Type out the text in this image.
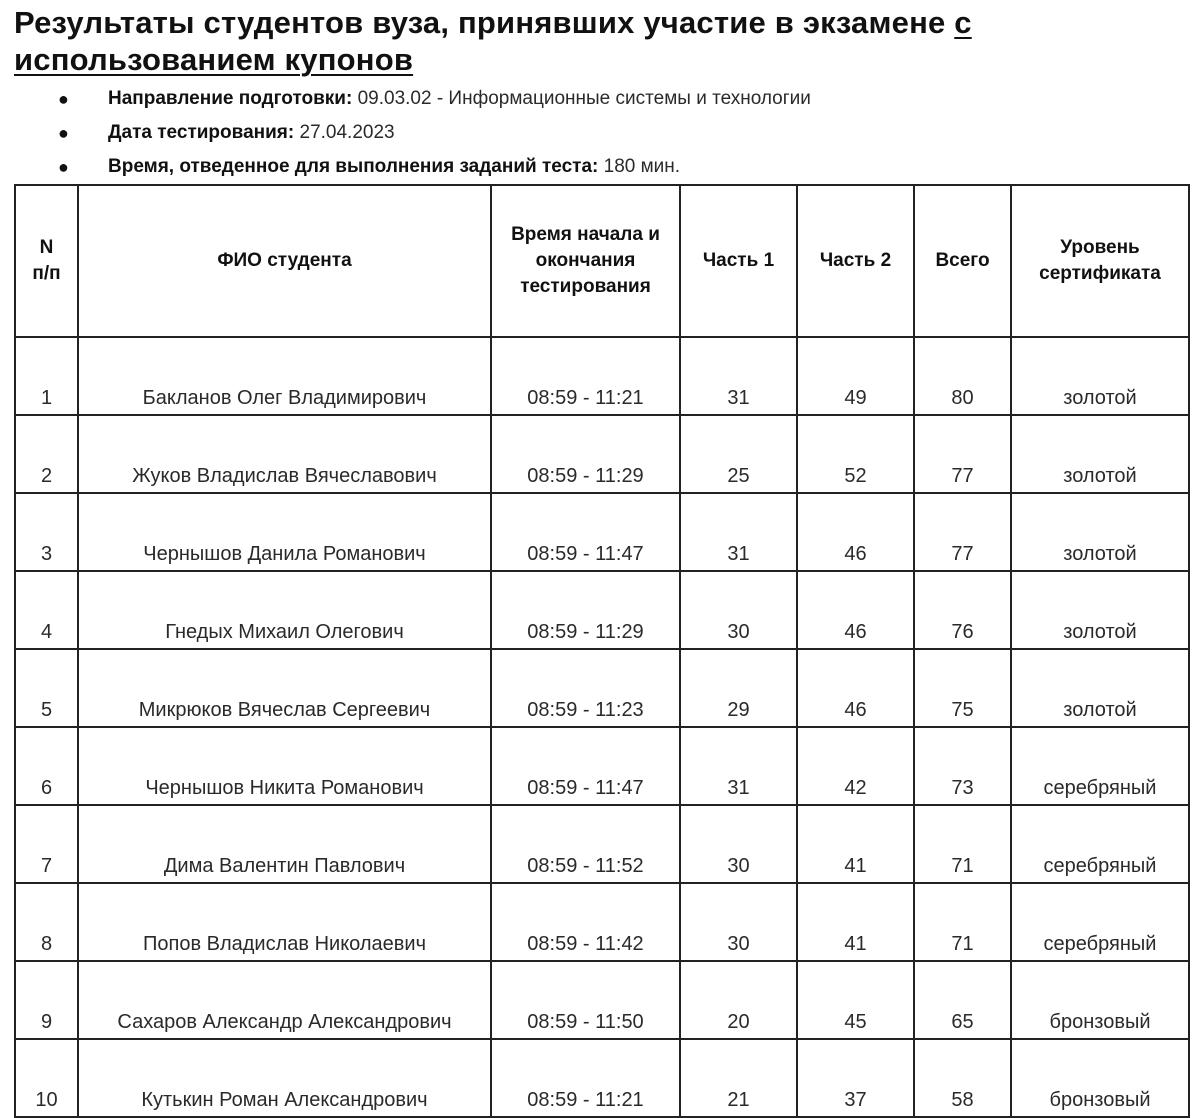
Результаты студентов вуза, принявших участие в экзамене с использованием купонов
● Направление подготовки: 09.03.02 - Информационные системы и технологии
● Дата тестирования: 27.04.2023
● Время, отведенное для выполнения заданий теста: 180 мин.
N п/п	ФИО студента	Время начала и окончания тестирования	Часть 1	Часть 2	Всего	Уровень сертификата
1	Бакланов Олег Владимирович	08:59 - 11:21	31	49	80	золотой
2	Жуков Владислав Вячеславович	08:59 - 11:29	25	52	77	золотой
3	Чернышов Данила Романович	08:59 - 11:47	31	46	77	золотой
4	Гнедых Михаил Олегович	08:59 - 11:29	30	46	76	золотой
5	Микрюков Вячеслав Сергеевич	08:59 - 11:23	29	46	75	золотой
6	Чернышов Никита Романович	08:59 - 11:47	31	42	73	серебряный
7	Дима Валентин Павлович	08:59 - 11:52	30	41	71	серебряный
8	Попов Владислав Николаевич	08:59 - 11:42	30	41	71	серебряный
9	Сахаров Александр Александрович	08:59 - 11:50	20	45	65	бронзовый
10	Кутькин Роман Александрович	08:59 - 11:21	21	37	58	бронзовый
